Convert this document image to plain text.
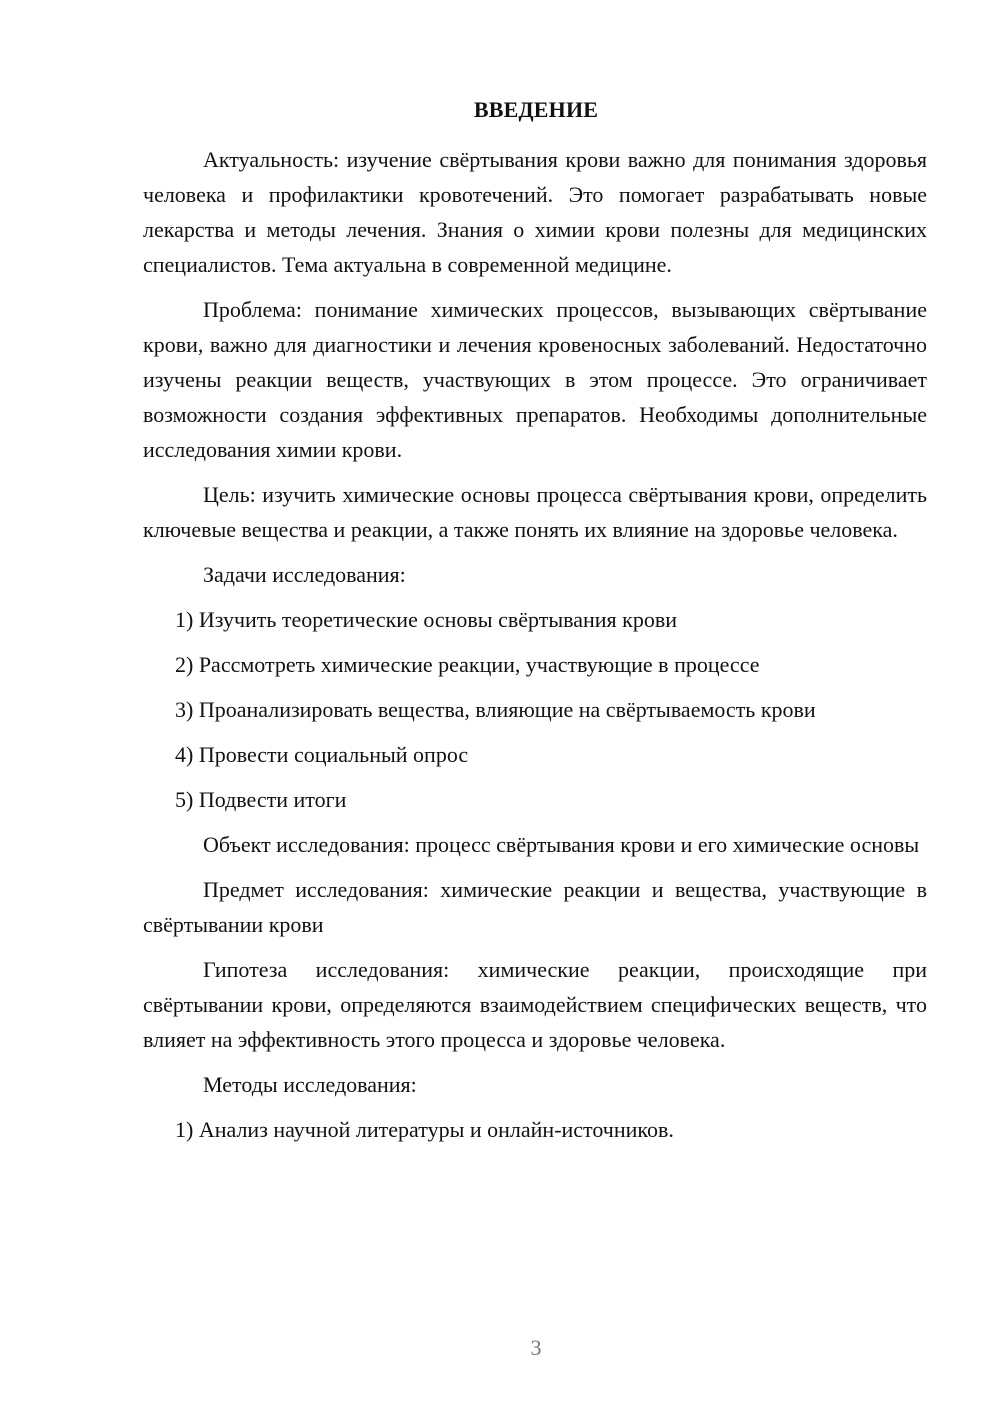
ВВЕДЕНИЕ

Актуальность: изучение свёртывания крови важно для понимания здоровья человека и профилактики кровотечений. Это помогает разрабатывать новые лекарства и методы лечения. Знания о химии крови полезны для медицинских специалистов. Тема актуальна в современной медицине.

Проблема: понимание химических процессов, вызывающих свёртывание крови, важно для диагностики и лечения кровеносных заболеваний. Недостаточно изучены реакции веществ, участвующих в этом процессе. Это ограничивает возможности создания эффективных препаратов. Необходимы дополнительные исследования химии крови.

Цель: изучить химические основы процесса свёртывания крови, определить ключевые вещества и реакции, а также понять их влияние на здоровье человека.

Задачи исследования:

1) Изучить теоретические основы свёртывания крови
2) Рассмотреть химические реакции, участвующие в процессе
3) Проанализировать вещества, влияющие на свёртываемость крови
4) Провести социальный опрос
5) Подвести итоги

Объект исследования: процесс свёртывания крови и его химические основы

Предмет исследования: химические реакции и вещества, участвующие в свёртывании крови

Гипотеза исследования: химические реакции, происходящие при свёртывании крови, определяются взаимодействием специфических веществ, что влияет на эффективность этого процесса и здоровье человека.

Методы исследования:

1) Анализ научной литературы и онлайн-источников.
3
